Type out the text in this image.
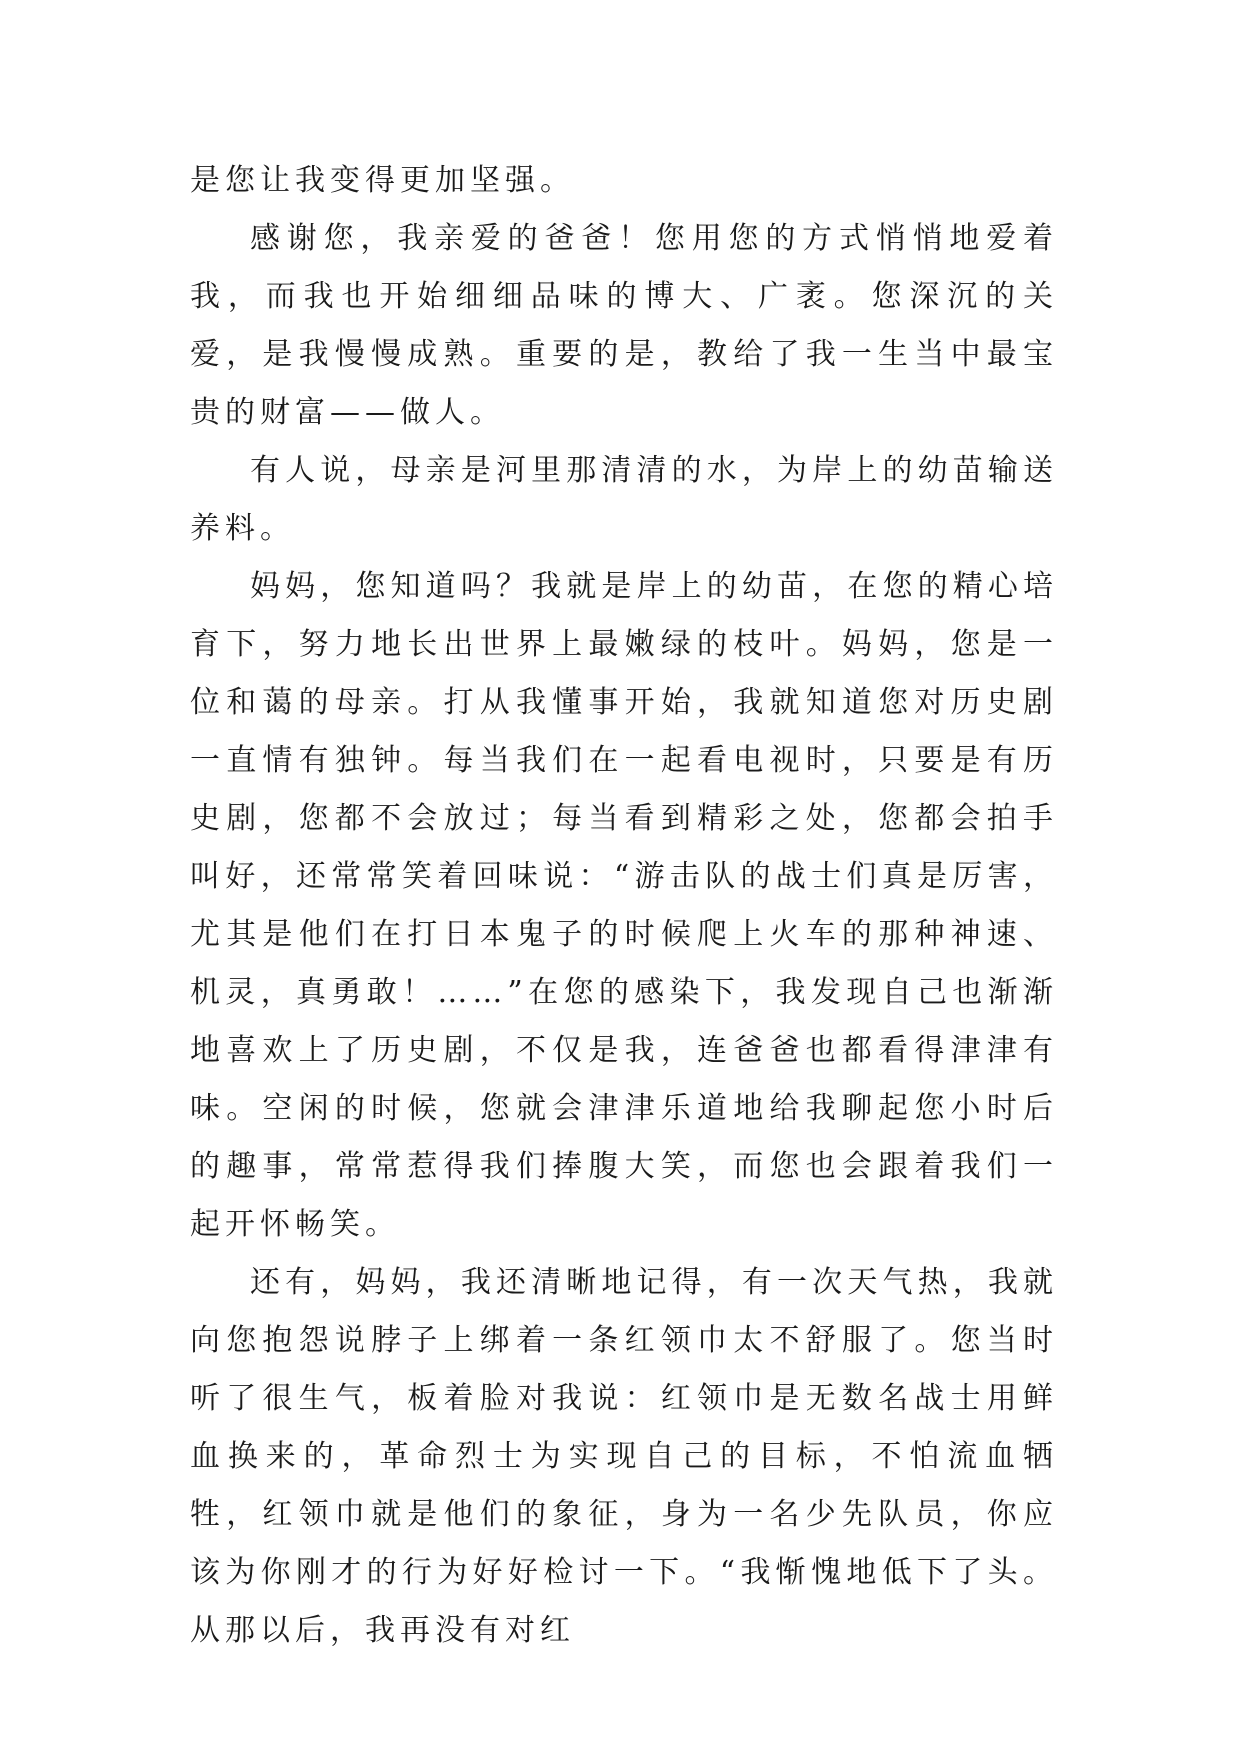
是您让我变得更加坚强。

感谢您，我亲爱的爸爸！您用您的方式悄悄地爱着我，而我也开始细细品味的博大、广袤。您深沉的关爱，是我慢慢成熟。重要的是，教给了我一生当中最宝贵的财富——做人。

有人说，母亲是河里那清清的水，为岸上的幼苗输送养料。

妈妈，您知道吗？我就是岸上的幼苗，在您的精心培育下，努力地长出世界上最嫩绿的枝叶。妈妈，您是一位和蔼的母亲。打从我懂事开始，我就知道您对历史剧一直情有独钟。每当我们在一起看电视时，只要是有历史剧，您都不会放过；每当看到精彩之处，您都会拍手叫好，还常常笑着回味说：“游击队的战士们真是厉害，尤其是他们在打日本鬼子的时候爬上火车的那种神速、机灵，真勇敢！……”在您的感染下，我发现自己也渐渐地喜欢上了历史剧，不仅是我，连爸爸也都看得津津有味。空闲的时候，您就会津津乐道地给我聊起您小时后的趣事，常常惹得我们捧腹大笑，而您也会跟着我们一起开怀畅笑。

还有，妈妈，我还清晰地记得，有一次天气热，我就向您抱怨说脖子上绑着一条红领巾太不舒服了。您当时听了很生气，板着脸对我说：红领巾是无数名战士用鲜血换来的，革命烈士为实现自己的目标，不怕流血牺牲，红领巾就是他们的象征，身为一名少先队员，你应该为你刚才的行为好好检讨一下。“我惭愧地低下了头。从那以后，我再没有对红
